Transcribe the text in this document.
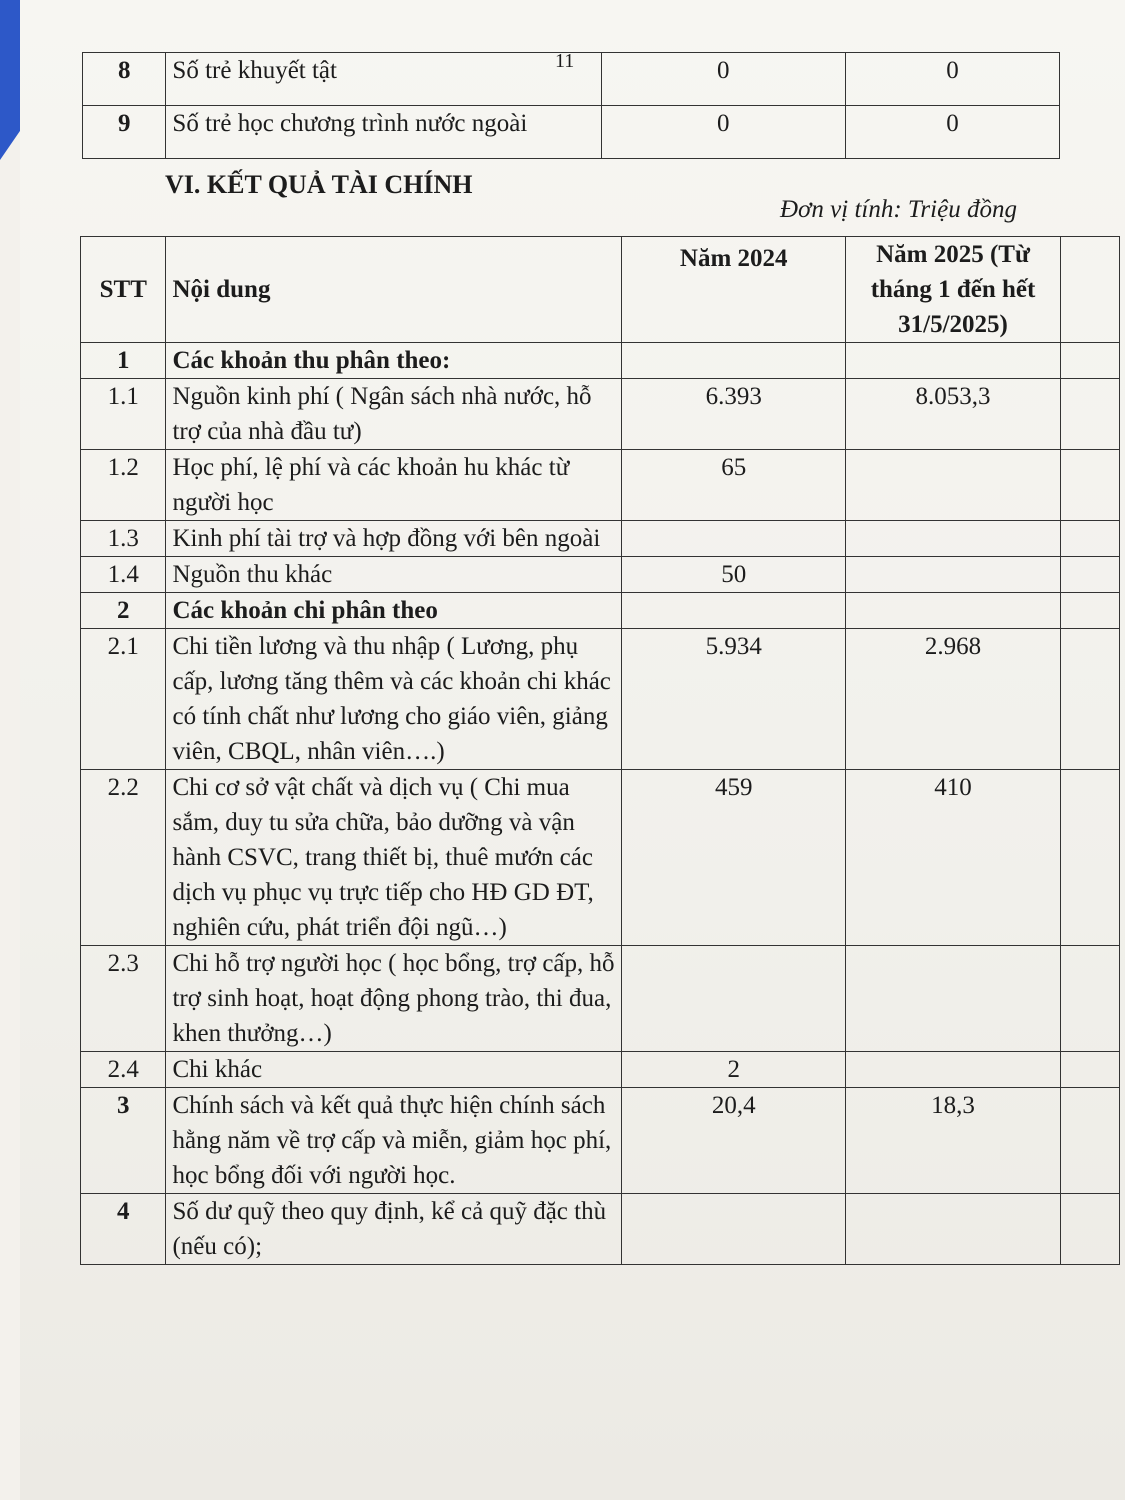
11
8	Số trẻ khuyết tật	0	0
9	Số trẻ học chương trình nước ngoài	0	0
VI. KẾT QUẢ TÀI CHÍNH
Đơn vị tính: Triệu đồng
STT	Nội dung	Năm 2024	Năm 2025 (Từ tháng 1 đến hết 31/5/2025)	
1	Các khoản thu phân theo:			
1.1	Nguồn kinh phí ( Ngân sách nhà nước, hỗ trợ của nhà đầu tư)	6.393	8.053,3	
1.2	Học phí, lệ phí và các khoản hu khác từ người học	65		
1.3	Kinh phí tài trợ và hợp đồng với bên ngoài			
1.4	Nguồn thu khác	50		
2	Các khoản chi phân theo			
2.1	Chi tiền lương và thu nhập ( Lương, phụ cấp, lương tăng thêm và các khoản chi khác có tính chất như lương cho giáo viên, giảng viên, CBQL, nhân viên….)	5.934	2.968	
2.2	Chi cơ sở vật chất và dịch vụ ( Chi mua sắm, duy tu sửa chữa, bảo dưỡng và vận hành CSVC, trang thiết bị, thuê mướn các dịch vụ phục vụ trực tiếp cho HĐ GD ĐT, nghiên cứu, phát triển đội ngũ…)	459	410	
2.3	Chi hỗ trợ người học ( học bổng, trợ cấp, hỗ trợ sinh hoạt, hoạt động phong trào, thi đua, khen thưởng…)			
2.4	Chi khác	2		
3	Chính sách và kết quả thực hiện chính sách hằng năm về trợ cấp và miễn, giảm học phí, học bổng đối với người học.	20,4	18,3	
4	Số dư quỹ theo quy định, kể cả quỹ đặc thù (nếu có);			
